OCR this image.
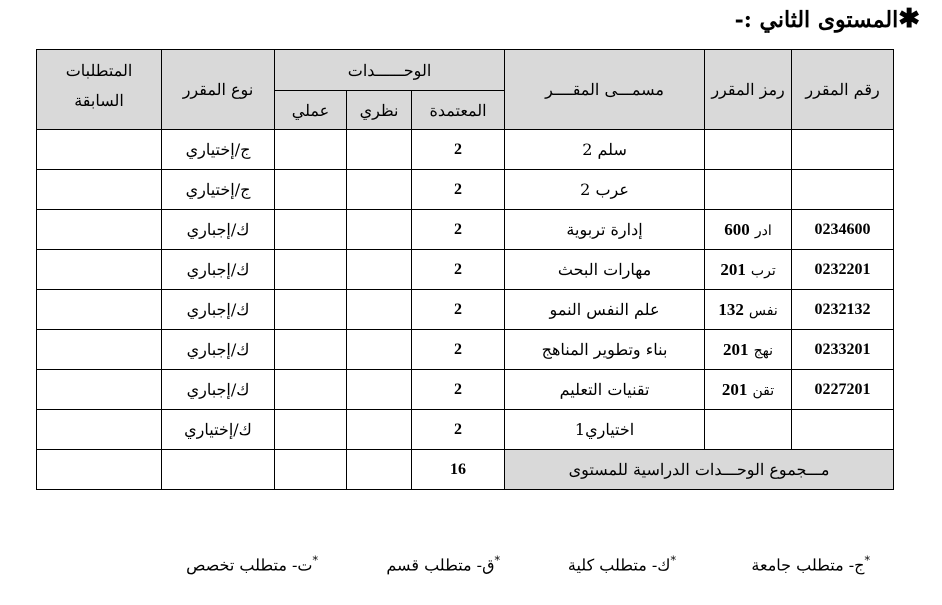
✱المستوى الثاني :-
رقم المقرر	رمز المقرر	مسمـــى المقــــر	الوحــــــدات			نوع المقرر	المتطلبات
السابقة
			المعتمدة	نظري	عملي		
		سلم 2	2			ج/إختياري	
		عرب 2	2			ج/إختياري	
0234600	ادر 600	إدارة تربوية	2			ك/إجباري	
0232201	ترب 201	مهارات البحث	2			ك/إجباري	
0232132	نفس 132	علم النفس النمو	2			ك/إجباري	
0233201	نهج 201	بناء وتطوير المناهج	2			ك/إجباري	
0227201	تقن 201	تقنيات التعليم	2			ك/إجباري	
		اختياري1	2			ك/إختياري	
مـــجموع الوحـــدات الدراسية للمستوى			16				
*ج- متطلب جامعة
*ك- متطلب كلية
*ق- متطلب قسم
*ت- متطلب تخصص
